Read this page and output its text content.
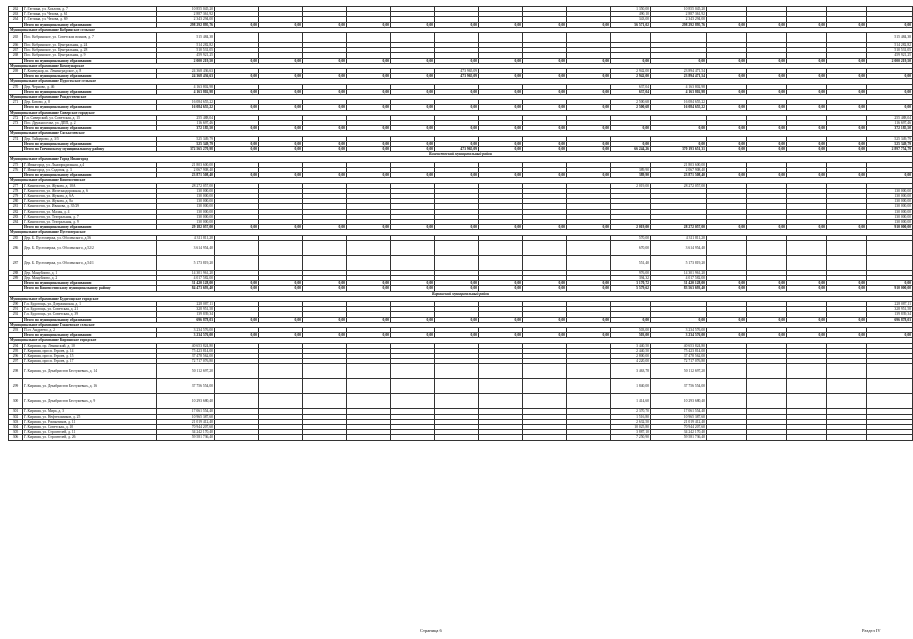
262	Г. Гатчина, ул. Хохлова, д. 7	10 855 045,20										1 350,00	10 855 045,20					
263	Г. Гатчина, ул. Чехова, д. 61	2 887 361,92										490,10	2 887 361,92					
264	Г. Гатчина, ул. Чехова, д. 69	2 343 294,00										343,00	2 343 294,00					
	Итого по муниципальному образованию	298 292 895,76	0,00	0,00	0,00	0,00	0,00	0,00	0,00	0,00	0,00	56 571,02	298 292 895,76	0,00	0,00	0,00	0,00	0,00
Муниципальное образование Кобринское сельское																		
265	Пос. Кобринское, ул. Советских воинов, д. 7	515 484,38																515 484,38
266	Пос. Кобринское, ул. Центральная, д. 24	514 282,82																514 282,82
267	Пос. Кобринское, ул. Центральная, д. 28	510 531,05																510 531,05
268	Пос. Кобринское, ул. Центральная, д. 9	459 921,25																459 921,25
	Итого по муниципальному образованию	2 000 219,50	0,00	0,00	0,00	0,00	0,00	0,00	0,00	0,00	0,00	0,00	0,00	0,00	0,00	0,00	0,00	2 000 219,50
Муниципальное образование Коммунарское																		
269	Г. Коммунар, ш. Ленинградское, д. 8	24 368 436,63						473 965,09				2 942,00	23 894 471,54					
	Итого по муниципальному образованию	24 368 436,63	0,00	0,00	0,00	0,00	0,00	473 965,09	0,00	0,00	0,00	2 942,00	23 894 471,54	0,00	0,00	0,00	0,00	0,00
Муниципальное образование Пудостьское сельское																		
270	Дер. Черново, д. 46	4 163 802,98										637,04	4 163 802,98					
	Итого по муниципальному образованию	4 163 802,98	0,00	0,00	0,00	0,00	0,00	0,00	0,00	0,00	0,00	637,04	4 163 802,98	0,00	0,00	0,00	0,00	0,00
Муниципальное образование Рождественское																		
271	Дер. Батово, д. 8	16 084 655,22										2 500,68	16 084 655,22					
	Итого по муниципальному образованию	16 084 655,22	0,00	0,00	0,00	0,00	0,00	0,00	0,00	0,00	0,00	2 500,68	16 084 655,22	0,00	0,00	0,00	0,00	0,00
Муниципальное образование Сиверское городское																		
272	Г.п. Сиверский, ул. Советская, д. 15	255 488,04																255 488,04
273	Пос. Дружноселье, ул. ДПП, д. 2	116 697,46																116 697,46
	Итого по муниципальному образованию	372 185,50	0,00	0,00	0,00	0,00	0,00	0,00	0,00	0,00	0,00	0,00	0,00	0,00	0,00	0,00	0,00	372 185,50
Муниципальное образование Сяськелевское																		
274	Дер. Тайцерово, д. 3/5	525 349,79																525 349,79
	Итого по муниципальному образованию	525 349,79	0,00	0,00	0,00	0,00	0,00	0,00	0,00	0,00	0,00	0,00	0,00	0,00	0,00	0,00	0,00	525 349,79
	Итого по Гатчинскому муниципальному району	372 565 270,98	0,00	0,00	0,00	0,00	0,00	473 965,09	0,00	0,00	0,00	66 244,26	370 193 651,31	0,00	0,00	0,00	0,00	2 897 754,79
Кингисеппский муниципальный район																		
Муниципальное образование Город Ивангород																		
275	Г. Ивангород, ул. Льнопрядильная, д.4	21 803 600,00											21 803 600,00					
276	Г. Ивангород, ул. Садовая, д. 3	2 067 908,40										389,90	2 067 908,40					
	Итого по муниципальному образованию	23 871 508,40	0,00	0,00	0,00	0,00	0,00	0,00	0,00	0,00	0,00	389,90	23 871 508,40	0,00	0,00	0,00	0,00	0,00
Муниципальное образование Кингисеппское																		
277	Г. Кингисепп, ул. Жукова, д. 10А	28 272 057,00										2 019,00	28 272 057,00					
278	Г. Кингисепп, ул. Железнодорожная, д. 6	130 000,00																130 000,00
279	Г. Кингисепп, ул. Жукова, д. 6А	130 000,00																130 000,00
280	Г. Кингисепп, ул. Жукова, д. 8а	130 000,00																130 000,00
281	Г. Кингисепп, ул. Иванова, д. 35/29	130 000,00																130 000,00
282	Г. Кингисепп, ул. Малая, д. 4	130 000,00																130 000,00
283	Г. Кингисепп, ул. Театральная, д. 7	130 000,00																130 000,00
284	Г. Кингисепп, ул. Театральная, д. 9	130 000,00																130 000,00
	Итого по муниципальному образованию	29 182 057,00	0,00	0,00	0,00	0,00	0,00	0,00	0,00	0,00	0,00	2 019,00	28 272 057,00	0,00	0,00	0,00	0,00	910 000,00
Муниципальное образование Пустомержское																		
285	Дер. Б. Пустомержа, ул. Оболенского, д.56	4 311 811,20										570,00	4 311 811,20					
286	Дер. Б. Пустомержа, ул. Оболенского, д.52/2	3 614 954,40										670,00	3 614 954,40					
287	Дер. Б. Пустомержа, ул. Оболенского, д.54/1	5 173 819,20										551,40	5 173 819,20					
288	Дер. Мануйлово, д. 1	14 301 961,20										976,00	14 301 961,20					
289	Дер. Мануйлово, д. 2	4 017 582,00										394,32	4 017 582,00					
	Итого по муниципальному образованию	31 420 128,00	0,00	0,00	0,00	0,00	0,00	0,00	0,00	0,00	0,00	3 170,72	31 420 128,00	0,00	0,00	0,00	0,00	0,00
	Итого по Кингисеппскому муниципальному району	84 473 693,40	0,00	0,00	0,00	0,00	0,00	0,00	0,00	0,00	0,00	5 579,62	83 563 693,40	0,00	0,00	0,00	0,00	910 000,00
Киришский муниципальный район																		
Муниципальное образование Будогощское городское																		
290	Г.п. Будогощь, ул. Дзержинская, д. 1	228 087,11																228 087,11
291	Г.п. Будогощь, ул. Советская, д. 21	328 951,58																328 951,58
292	Г.п. Будогощь, ул. Советская, д. 39	139 839,34																139 839,34
	Итого по муниципальному образованию	696 878,03	0,00	0,00	0,00	0,00	0,00	0,00	0,00	0,00	0,00	0,00	0,00	0,00	0,00	0,00	0,00	696 878,03
Муниципальное образование Глажевское сельское																		
293	П.ст. Андреево, д. 2	3 234 576,00										503,00	3 234 576,00					
	Итого по муниципальному образованию	3 234 576,00	0,00	0,00	0,00	0,00	0,00	0,00	0,00	0,00	0,00	503,00	3 234 576,00	0,00	0,00	0,00	0,00	0,00
Муниципальное образование Киришское городское																		
294	Г. Кириши, пр. Ленинский, д. 10	40 653 824,80										3 440,50	40 653 824,80					
295	Г. Кириши, просп. Героев, д. 14	75 423 814,00										2 440,50	75 423 814,00					
296	Г. Кириши, просп. Героев, д. 15	37 478 562,00										2 800,00	37 478 562,00					
297	Г. Кириши, просп. Героев, д. 17	72 717 076,80										4 220,00	72 717 076,80					
298	Г. Кириши, ул. Декабристов Бестужевых, д. 14	50 112 697,20										3 463,78	50 112 697,20					
299	Г. Кириши, ул. Декабристов Бестужевых, д. 16	37 756 554,00										1 840,00	37 756 554,00					
300	Г. Кириши, ул. Декабристов Бестужевых, д. 9	10 293 680,40										1 414,60	10 293 680,40					
301	Г. Кириши, ул. Мира, д. 3	17 061 554,40										2 370,70	17 061 554,40					
302	Г. Кириши, ул. Нефтехимиков, д. 25	10 965 387,60										1 516,80	10 965 387,60					
303	Г. Кириши, ул. Романтиков, д. 11	21 019 412,40										2 632,50	21 019 412,40					
304	Г. Кириши, ул. Советская, д. 10	70 944 207,60										10 025,80	70 944 207,60					
305	Г. Кириши, ул. Строителей, д. 11	34 242 170,40										3 887,10	34 242 170,40					
306	Г. Кириши, ул. Строителей, д. 26	59 581 736,40										7 250,90	59 581 736,40					
Страница 6	Раздел IV
